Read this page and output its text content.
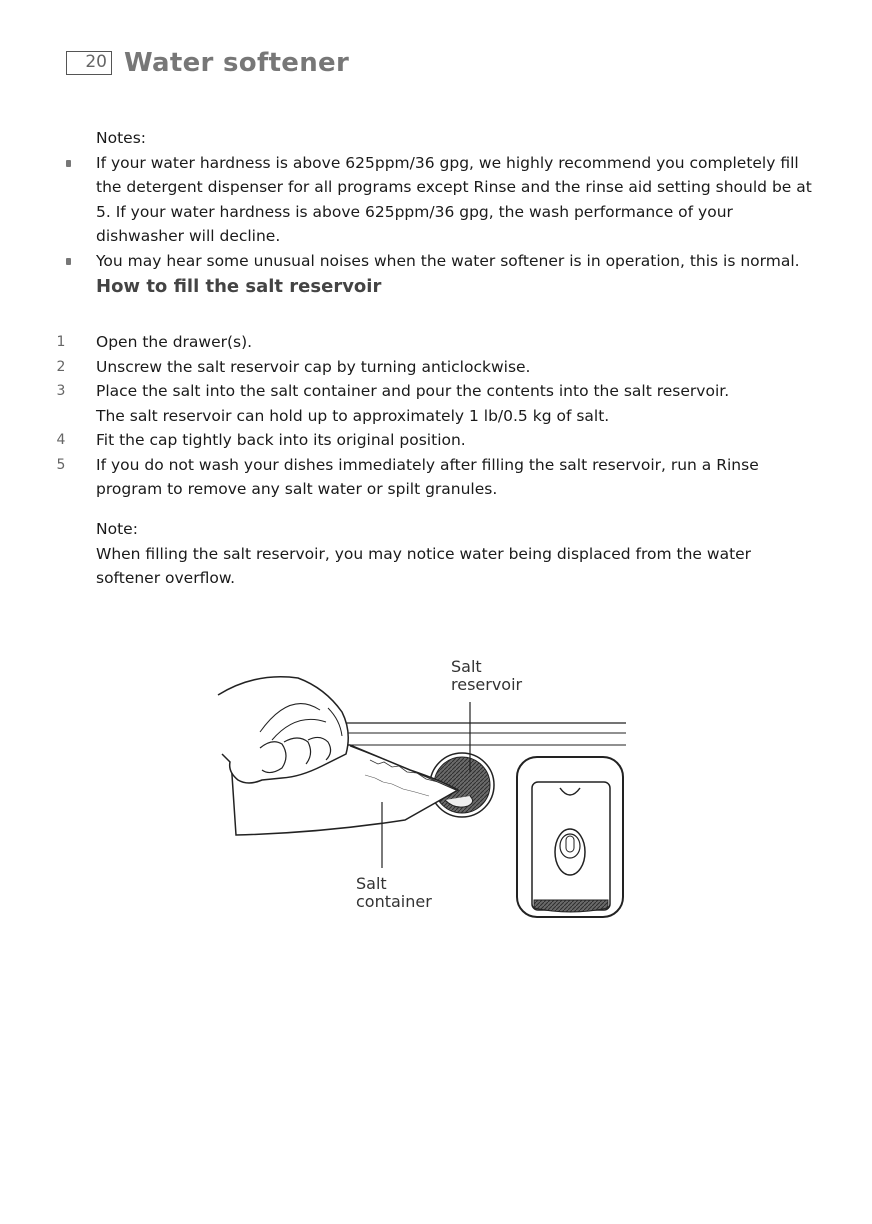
20 Water softener
Notes:
If your water hardness is above 625ppm/36 gpg, we highly recommend you completely fill the detergent dispenser for all programs except Rinse and the rinse aid setting should be at 5. If your water hardness is above 625ppm/36 gpg, the wash performance of your dishwasher will decline.
You may hear some unusual noises when the water softener is in operation, this is normal.
How to fill the salt reservoir
1 Open the drawer(s).
2 Unscrew the salt reservoir cap by turning anticlockwise.
3 Place the salt into the salt container and pour the contents into the salt reservoir.
The salt reservoir can hold up to approximately 1 lb/0.5 kg of salt.
4 Fit the cap tightly back into its original position.
5 If you do not wash your dishes immediately after filling the salt reservoir, run a Rinse program to remove any salt water or spilt granules.
Note:
When filling the salt reservoir, you may notice water being displaced from the water softener overflow.
Salt
reservoir
Salt
container
